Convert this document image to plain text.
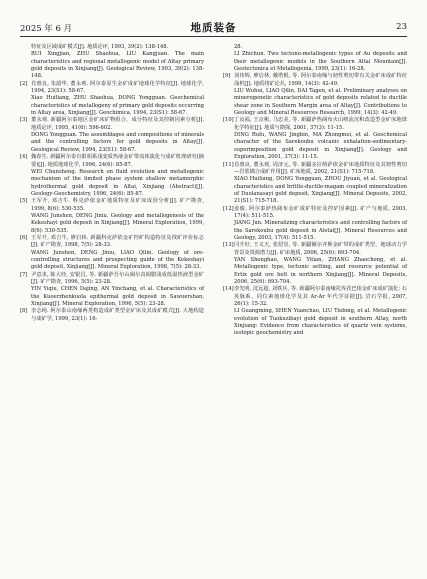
2025 年 6 月	地质装备	23
特征及区域成矿模式[J]. 地质论评, 1993, 39(2): 138-148.
RUI Xingjian, ZHU Shaohua, LIU Kangjuan. The main characteristics and regional metallogenic model of Altay primary gold deposits in Xinjiang[J]. Geological Review, 1993, 39(2): 138-148.
[2] 肖惠良, 朱韶华, 董永观. 阿尔泰原生金矿成矿地球化学特征[J]. 地球化学, 1994, 23(S1): 58-67.
Xiao Huiliang, ZHU Shaohua, DONG Yongguan. Geochemical characteristics of metallogeny of primary gold deposits occurring in Altay area, Xinjiang[J]. Geochimica, 1994, 23(S1): 58-67.
[3] 董永观. 新疆阿尔泰地区金矿床矿物组合、成分特征及其控制因素分析[J]. 地质论评, 1995, 41(6): 596-602.
DONG Yongguan. The assemblages and compositions of minerals and the controlling factors for gold deposits in Altay[J]. Geological Review, 1994, 23(S1): 58-67.
[4] 魏春生. 新疆阿尔泰有限相系浅变质热液金矿带流体演化与成矿机理研究(摘要)[J]. 地质地球化学, 1996, 24(6): 85-87.
WEI Chunsheng. Research on fluid evolution and metallogenic mechanism of the limited phase system shallow metamorphic hydrothermal gold deposit in Altai, Xinjiang (Abstract)[J]. Geology-Geochemistry, 1996, 24(6): 85-87.
[5] 王军升, 邓吉牛. 科克萨依金矿地质特征及矿床成因分析[J]. 矿产勘查, 1999, 8(6): 530-535.
WANG Junshen, DENG Jiniu. Geology and metallogenesis of the Kekeshayi gold deposit in Xinjiang[J]. Mineral Exploration, 1999, 8(6): 530-535.
[6] 王军升, 邓吉牛, 廖启林. 新疆科克萨依金矿控矿构造特征及找矿评价标志[J]. 矿产勘查, 1998, 7(5): 28-33.
WANG Junshen, DENG Jiniu, LIAO Qilin. Geology of ore-controlling structures and prospecting guide of the Kekeshayi gold deposit, Xinjiang[J]. Mineral Exploration, 1998, 7(5): 28-33.
[7] 尹意求, 陈大经, 安银昌, 等. 新疆萨吾尔山阔尔真阔腊浅成低温热液型金矿[J]. 矿产勘查, 1996, 5(5): 23-28.
YIN Yiqiu, CHEN Dajing, AN Yinchang, et al. Characteristics of the Kuoerzhenkuola epithermal gold deposit in Sawuershan, Xinjiang[J]. Mineral Exploration, 1996, 5(5): 23-28.
[8] 李志纯. 阿尔泰山南缘两类构造成矿类型金矿床及其成矿模式[J]. 大地构造与成矿学, 1999, 23(1): 16-
28.
LI Zhichun. Two tectono-metallogenic types of Au deposits and their metallogenic models in the Southern Altai Mountain[J]. Geotectonica et Metallogenia, 1999, 23(1): 16-28.
[9] 刘伟辉, 廖启林, 戴塔根, 等. 阿尔泰南缘与韧性剪切带有关金矿床成矿特征浅析[J]. 地质找矿论丛, 1999, 14(3): 42-49.
LIU Wuhui, LIAO Qilin, DAI Tagen, et al. Preliminary analyses on minerogenetic characteristics of gold deposits related to ductile shear zone in Southern Margin area of Altay[J]. Contributions to Geology and Mineral Resources Research, 1999, 14(3): 42-49.
[10] 丁汝福, 王京彬, 马忠美, 等. 新疆萨热阔布火山喷流沉积改造型金矿床地球化学特征[J]. 地质与勘探, 2001, 37(3): 11-15.
DING Rufu, WANG Jingbin, MA Zhongmei, et al. Geochemical character of the Sarekoubu volcanic exhalation-sedimentary-superimposition gold deposit in Xinjiang[J]. Geology and Exploration, 2001, 37(3): 11-15.
[11] 肖惠良, 董永观, 周济元, 等. 新疆多拉纳萨依金矿床地质特征及其韧性剪切—岩浆耦合成矿作用[J]. 矿床地质, 2002, 21(S1): 715-718.
XIAO Huiliang, DONG Yongguan, ZHOU Jiyuan, et al. Geological characteristics and brittle-ductile-magam coupled mineralization of Duolanasayi gold deposit, Xinjiang[J]. Mineral Deposits, 2002, 21(S1): 715-718.
[12] 姜俊. 阿尔泰萨热阔布金矿成矿特征及控矿因素[J]. 矿产与地质, 2003, 17(4): 511-515.
JIANG Jun. Mineralizing characteristics and controlling factors of the Sarekoubu gold deposit in Aletai[J]. Mineral Resources and Geology, 2003, 17(4): 511-515.
[13] 闫升好, 王义天, 张招崇, 等. 新疆额尔齐斯金矿带的成矿类型、地球动力学背景及资源潜力[J]. 矿床地质, 2006, 25(6): 693-704.
YAN Shenghao, WANG Yitian, ZHANG Zhaochong, et al. Metallogenic type, tectonic setting, and resource potential of Ertix gold ore belt in northern Xinjiang[J]. Mineral Deposits, 2006, 25(6): 693-704.
[14] 李光明, 沈远超, 刘铁兵, 等. 新疆阿尔泰南缘托库孜巴依金矿床成矿演化: 石英脉系、同位素地球化学及其 Ar-Ar 年代学证据[J]. 岩石学报, 2007, 26(1): 15-32.
LI Guangming, SHEN Yuanchao, LIU Tiebing, et al. Metallogenic evolution of Tuokuzibayi gold deposit in southern Altay, north Xinjiang: Evidence from characteristics of quartz vein systems, isotopic geochemistry and
